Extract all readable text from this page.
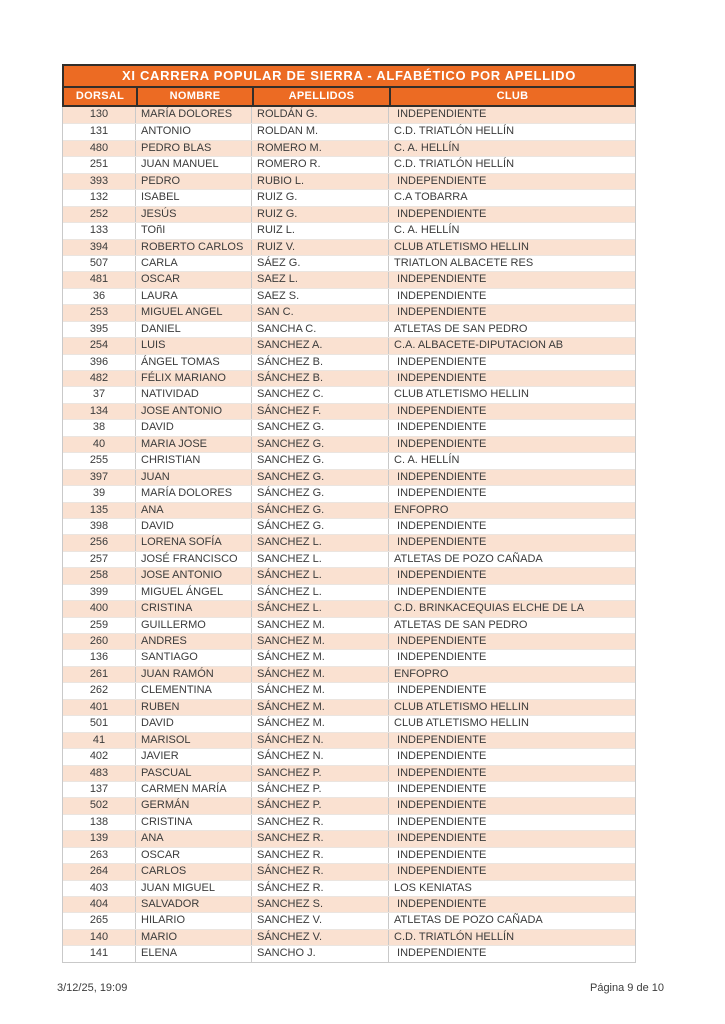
XI CARRERA POPULAR DE SIERRA - ALFABÉTICO POR APELLIDO
DORSAL	NOMBRE	APELLIDOS	CLUB
130	MARÍA DOLORES	ROLDÁN G.	INDEPENDIENTE
131	ANTONIO	ROLDAN M.	C.D. TRIATLÓN HELLÍN
480	PEDRO BLAS	ROMERO M.	C. A. HELLÍN
251	JUAN MANUEL	ROMERO R.	C.D. TRIATLÓN HELLÍN
393	PEDRO	RUBIO L.	INDEPENDIENTE
132	ISABEL	RUIZ G.	C.A TOBARRA
252	JESÚS	RUIZ G.	INDEPENDIENTE
133	TOñI	RUIZ L.	C. A. HELLÍN
394	ROBERTO CARLOS	RUIZ V.	CLUB ATLETISMO HELLIN
507	CARLA	SÁEZ G.	TRIATLON ALBACETE RES
481	OSCAR	SAEZ L.	INDEPENDIENTE
36	LAURA	SAEZ S.	INDEPENDIENTE
253	MIGUEL ANGEL	SAN C.	INDEPENDIENTE
395	DANIEL	SANCHA C.	ATLETAS DE SAN PEDRO
254	LUIS	SANCHEZ A.	C.A. ALBACETE-DIPUTACION AB
396	ÁNGEL TOMAS	SÁNCHEZ B.	INDEPENDIENTE
482	FÉLIX MARIANO	SÁNCHEZ B.	INDEPENDIENTE
37	NATIVIDAD	SANCHEZ C.	CLUB ATLETISMO HELLIN
134	JOSE ANTONIO	SÁNCHEZ F.	INDEPENDIENTE
38	DAVID	SANCHEZ G.	INDEPENDIENTE
40	MARIA JOSE	SANCHEZ G.	INDEPENDIENTE
255	CHRISTIAN	SANCHEZ G.	C. A. HELLÍN
397	JUAN	SANCHEZ G.	INDEPENDIENTE
39	MARÍA DOLORES	SÁNCHEZ G.	INDEPENDIENTE
135	ANA	SÁNCHEZ G.	ENFOPRO
398	DAVID	SÁNCHEZ G.	INDEPENDIENTE
256	LORENA SOFÍA	SANCHEZ L.	INDEPENDIENTE
257	JOSÉ FRANCISCO	SANCHEZ L.	ATLETAS DE POZO CAÑADA
258	JOSE ANTONIO	SÁNCHEZ L.	INDEPENDIENTE
399	MIGUEL ÁNGEL	SÁNCHEZ L.	INDEPENDIENTE
400	CRISTINA	SÁNCHEZ L.	C.D. BRINKACEQUIAS ELCHE DE LA
259	GUILLERMO	SANCHEZ M.	ATLETAS DE SAN PEDRO
260	ANDRES	SANCHEZ M.	INDEPENDIENTE
136	SANTIAGO	SÁNCHEZ M.	INDEPENDIENTE
261	JUAN RAMÓN	SÁNCHEZ M.	ENFOPRO
262	CLEMENTINA	SÁNCHEZ M.	INDEPENDIENTE
401	RUBEN	SÁNCHEZ M.	CLUB ATLETISMO HELLIN
501	DAVID	SÁNCHEZ M.	CLUB ATLETISMO HELLIN
41	MARISOL	SÁNCHEZ N.	INDEPENDIENTE
402	JAVIER	SÁNCHEZ N.	INDEPENDIENTE
483	PASCUAL	SANCHEZ P.	INDEPENDIENTE
137	CARMEN MARÍA	SÁNCHEZ P.	INDEPENDIENTE
502	GERMÁN	SÁNCHEZ P.	INDEPENDIENTE
138	CRISTINA	SANCHEZ R.	INDEPENDIENTE
139	ANA	SANCHEZ R.	INDEPENDIENTE
263	OSCAR	SANCHEZ R.	INDEPENDIENTE
264	CARLOS	SÁNCHEZ R.	INDEPENDIENTE
403	JUAN MIGUEL	SÁNCHEZ R.	LOS KENIATAS
404	SALVADOR	SANCHEZ S.	INDEPENDIENTE
265	HILARIO	SANCHEZ V.	ATLETAS DE POZO CAÑADA
140	MARIO	SÁNCHEZ V.	C.D. TRIATLÓN HELLÍN
141	ELENA	SANCHO J.	INDEPENDIENTE
3/12/25, 19:09	Página 9 de 10
